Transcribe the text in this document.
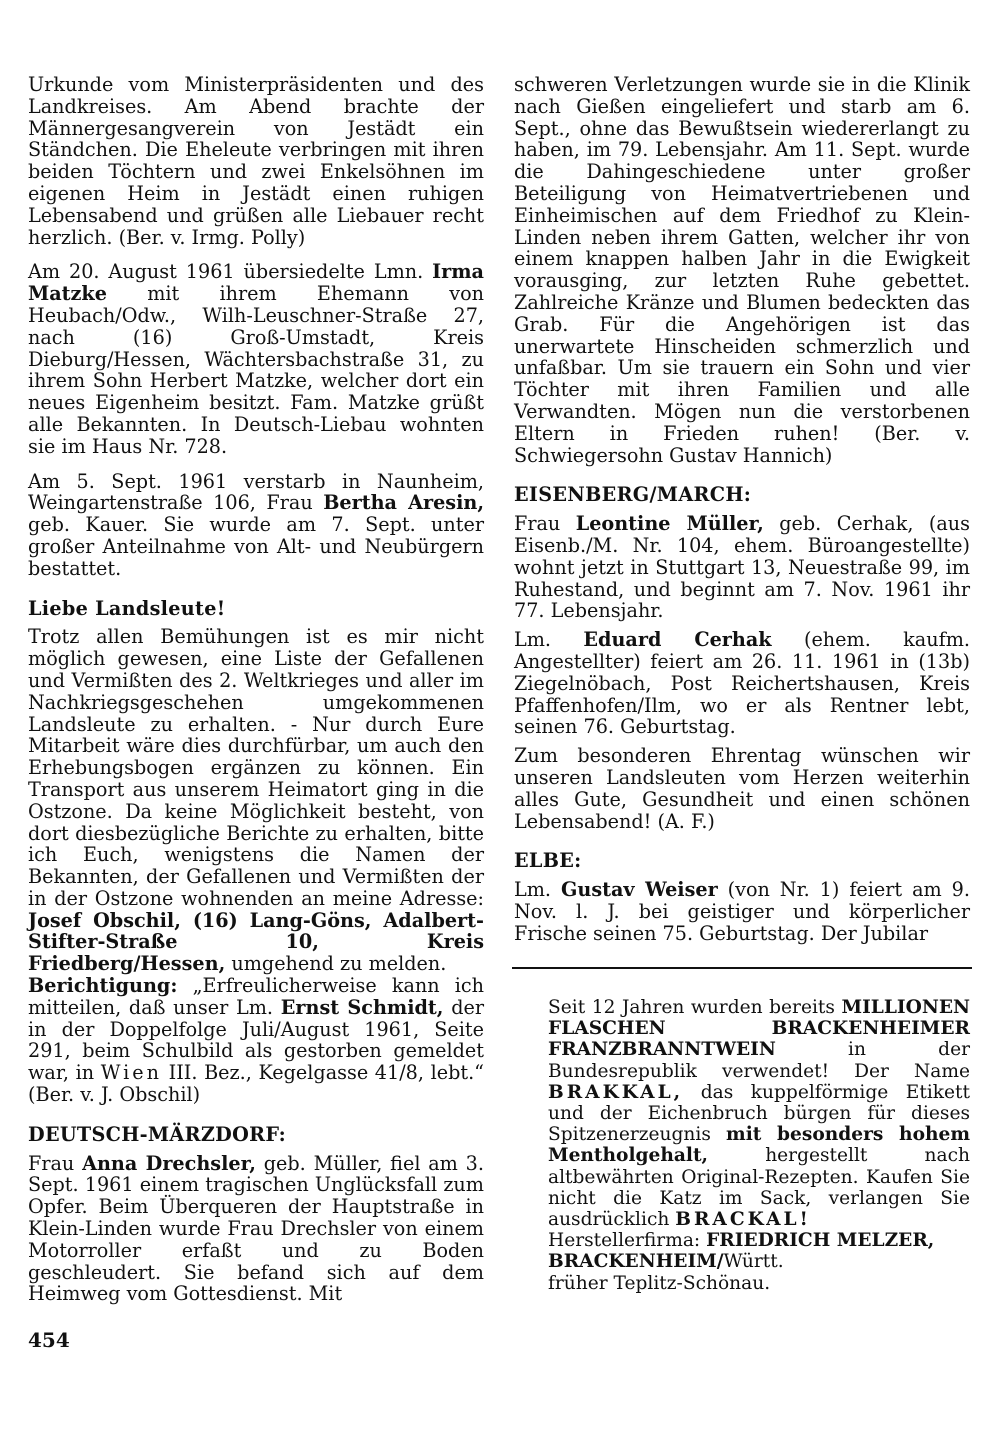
Urkunde vom Ministerpräsidenten und des Landkreises. Am Abend brachte der Männergesangverein von Jestädt ein Ständchen. Die Eheleute verbringen mit ihren beiden Töchtern und zwei Enkelsöhnen im eigenen Heim in Jestädt einen ruhigen Lebensabend und grüßen alle Liebauer recht herzlich. (Ber. v. Irmg. Polly)

Am 20. August 1961 übersiedelte Lmn. Irma Matzke mit ihrem Ehemann von Heubach/Odw., Wilh-Leuschner-Straße 27, nach (16) Groß-Umstadt, Kreis Dieburg/Hessen, Wächtersbachstraße 31, zu ihrem Sohn Herbert Matzke, welcher dort ein neues Eigenheim besitzt. Fam. Matzke grüßt alle Bekannten. In Deutsch-Liebau wohnten sie im Haus Nr. 728.

Am 5. Sept. 1961 verstarb in Naunheim, Weingartenstraße 106, Frau Bertha Aresin, geb. Kauer. Sie wurde am 7. Sept. unter großer Anteilnahme von Alt- und Neubürgern bestattet.

Liebe Landsleute!

Trotz allen Bemühungen ist es mir nicht möglich gewesen, eine Liste der Gefallenen und Vermißten des 2. Weltkrieges und aller im Nachkriegsgeschehen umgekommenen Landsleute zu erhalten. - Nur durch Eure Mitarbeit wäre dies durchfürbar, um auch den Erhebungsbogen ergänzen zu können. Ein Transport aus unserem Heimatort ging in die Ostzone. Da keine Möglichkeit besteht, von dort diesbezügliche Berichte zu erhalten, bitte ich Euch, wenigstens die Namen der Bekannten, der Gefallenen und Vermißten der in der Ostzone wohnenden an meine Adresse: Josef Obschil, (16) Lang-Göns, Adalbert-Stifter-Straße 10, Kreis Friedberg/Hessen, umgehend zu melden.

Berichtigung: „Erfreulicherweise kann ich mitteilen, daß unser Lm. Ernst Schmidt, der in der Doppelfolge Juli/August 1961, Seite 291, beim Schulbild als gestorben gemeldet war, in Wien III. Bez., Kegelgasse 41/8, lebt.“ (Ber. v. J. Obschil)

DEUTSCH-MÄRZDORF:

Frau Anna Drechsler, geb. Müller, fiel am 3. Sept. 1961 einem tragischen Unglücksfall zum Opfer. Beim Überqueren der Hauptstraße in Klein-Linden wurde Frau Drechsler von einem Motorroller erfaßt und zu Boden geschleudert. Sie befand sich auf dem Heimweg vom Gottesdienst. Mit

schweren Verletzungen wurde sie in die Klinik nach Gießen eingeliefert und starb am 6. Sept., ohne das Bewußtsein wiedererlangt zu haben, im 79. Lebensjahr. Am 11. Sept. wurde die Dahingeschiedene unter großer Beteiligung von Heimatvertriebenen und Einheimischen auf dem Friedhof zu Klein-Linden neben ihrem Gatten, welcher ihr von einem knappen halben Jahr in die Ewigkeit vorausging, zur letzten Ruhe gebettet. Zahlreiche Kränze und Blumen bedeckten das Grab. Für die Angehörigen ist das unerwartete Hinscheiden schmerzlich und unfaßbar. Um sie trauern ein Sohn und vier Töchter mit ihren Familien und alle Verwandten. Mögen nun die verstorbenen Eltern in Frieden ruhen! (Ber. v. Schwiegersohn Gustav Hannich)

EISENBERG/MARCH:

Frau Leontine Müller, geb. Cerhak, (aus Eisenb./M. Nr. 104, ehem. Büroangestellte) wohnt jetzt in Stuttgart 13, Neuestraße 99, im Ruhestand, und beginnt am 7. Nov. 1961 ihr 77. Lebensjahr.

Lm. Eduard Cerhak (ehem. kaufm. Angestellter) feiert am 26. 11. 1961 in (13b) Ziegelnöbach, Post Reichertshausen, Kreis Pfaffenhofen/Ilm, wo er als Rentner lebt, seinen 76. Geburtstag.

Zum besonderen Ehrentag wünschen wir unseren Landsleuten vom Herzen weiterhin alles Gute, Gesundheit und einen schönen Lebensabend! (A. F.)

ELBE:

Lm. Gustav Weiser (von Nr. 1) feiert am 9. Nov. l. J. bei geistiger und körperlicher Frische seinen 75. Geburtstag. Der Jubilar

Seit 12 Jahren wurden bereits MILLIONEN FLASCHEN BRACKENHEIMER FRANZBRANNTWEIN	in der Bundesrepublik verwendet! Der Name BRAKKAL, das kuppelförmige Etikett und der Eichenbruch bürgen für dieses Spitzenerzeugnis mit besonders hohem Mentholgehalt,	hergestellt nach altbewährten Original-Rezepten. Kaufen Sie nicht die Katz im Sack, verlangen Sie ausdrücklich BRACKAL!

Herstellerfirma: FRIEDRICH MELZER, BRACKENHEIM/Württ.

früher Teplitz-Schönau.

454
